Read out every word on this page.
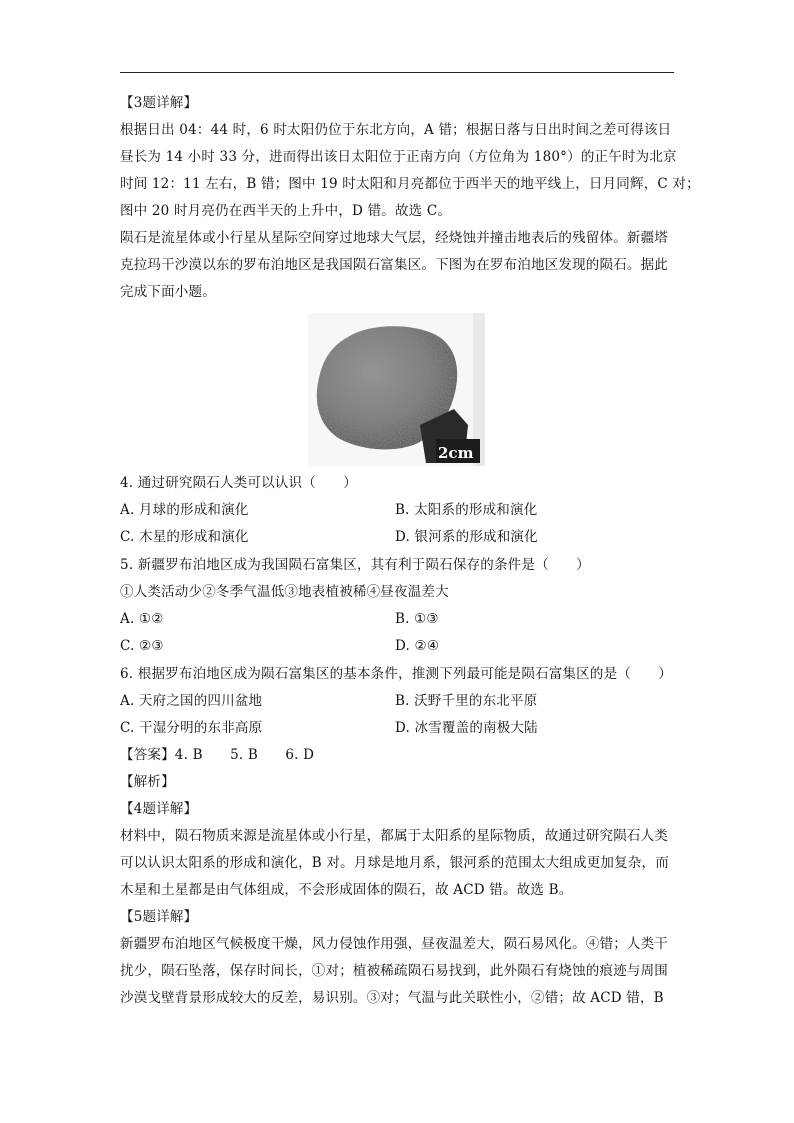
【3题详解】
根据日出 04：44 时，6 时太阳仍位于东北方向，A 错；根据日落与日出时间之差可得该日
昼长为 14 小时 33 分，进而得出该日太阳位于正南方向（方位角为 180°）的正午时为北京
时间 12：11 左右，B 错；图中 19 时太阳和月亮都位于西半天的地平线上，日月同辉，C 对；
图中 20 时月亮仍在西半天的上升中，D 错。故选 C。
陨石是流星体或小行星从星际空间穿过地球大气层，经烧蚀并撞击地表后的残留体。新疆塔
克拉玛干沙漠以东的罗布泊地区是我国陨石富集区。下图为在罗布泊地区发现的陨石。据此
完成下面小题。
2cm
4. 通过研究陨石人类可以认识（　　）
A. 月球的形成和演化	B. 太阳系的形成和演化
C. 木星的形成和演化	D. 银河系的形成和演化
5. 新疆罗布泊地区成为我国陨石富集区，其有利于陨石保存的条件是（　　）
①人类活动少②冬季气温低③地表植被稀④昼夜温差大
A. ①②	B. ①③
C. ②③	D. ②④
6. 根据罗布泊地区成为陨石富集区的基本条件，推测下列最可能是陨石富集区的是（　　）
A. 天府之国的四川盆地	B. 沃野千里的东北平原
C. 干湿分明的东非高原	D. 冰雪覆盖的南极大陆
【答案】4. B　　5. B　　6. D
【解析】
【4题详解】
材料中，陨石物质来源是流星体或小行星，都属于太阳系的星际物质，故通过研究陨石人类
可以认识太阳系的形成和演化，B 对。月球是地月系，银河系的范围太大组成更加复杂，而
木星和土星都是由气体组成，不会形成固体的陨石，故 ACD 错。故选 B。
【5题详解】
新疆罗布泊地区气候极度干燥，风力侵蚀作用强，昼夜温差大，陨石易风化。④错；人类干
扰少，陨石坠落，保存时间长，①对；植被稀疏陨石易找到，此外陨石有烧蚀的痕迹与周围
沙漠戈壁背景形成较大的反差，易识别。③对；气温与此关联性小，②错；故 ACD 错，B
